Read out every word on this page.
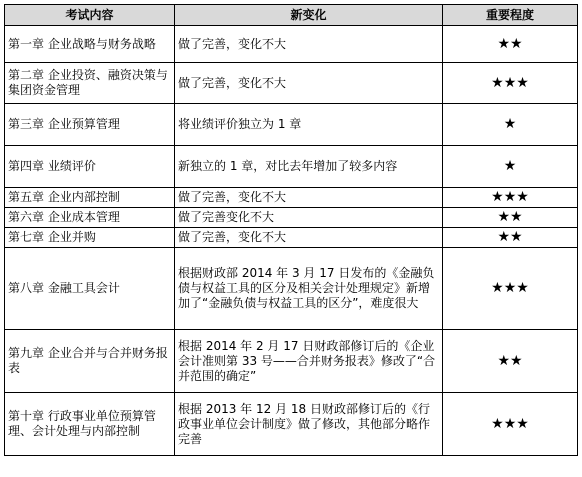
考试内容	新变化	重要程度
第一章 企业战略与财务战略	做了完善，变化不大	★★
第二章 企业投资、融资决策与集团资金管理	做了完善，变化不大	★★★
第三章 企业预算管理	将业绩评价独立为 1 章	★
第四章 业绩评价	新独立的 1 章，对比去年增加了较多内容	★
第五章 企业内部控制	做了完善，变化不大	★★★
第六章 企业成本管理	做了完善变化不大	★★
第七章 企业并购	做了完善，变化不大	★★
第八章 金融工具会计	根据财政部 2014 年 3 月 17 日发布的《金融负债与权益工具的区分及相关会计处理规定》新增加了“金融负债与权益工具的区分”，难度很大	★★★
第九章 企业合并与合并财务报表	根据 2014 年 2 月 17 日财政部修订后的《企业会计准则第 33 号——合并财务报表》修改了“合并范围的确定”	★★
第十章 行政事业单位预算管理、会计处理与内部控制	根据 2013 年 12 月 18 日财政部修订后的《行政事业单位会计制度》做了修改，其他部分略作完善	★★★
